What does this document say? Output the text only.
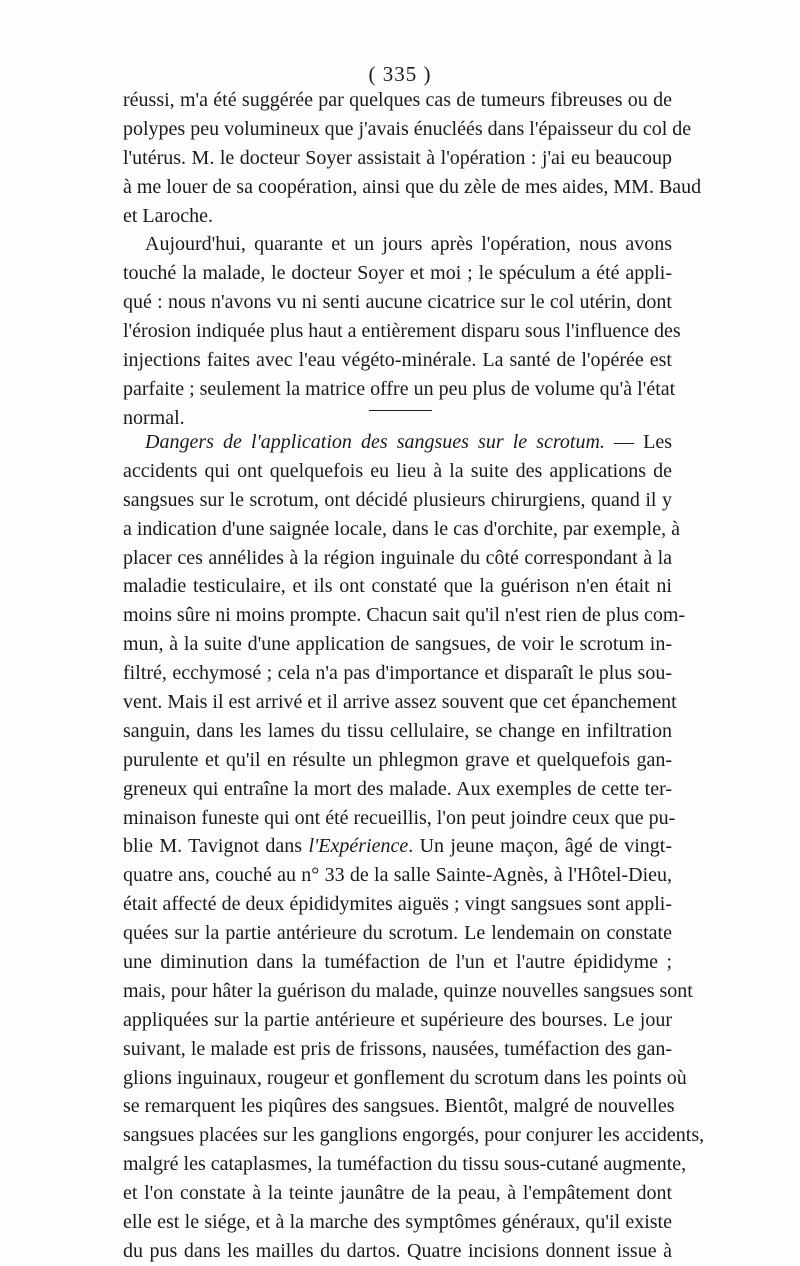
( 335 )
réussi, m'a été suggérée par quelques cas de tumeurs fibreuses ou de
polypes peu volumineux que j'avais énucléés dans l'épaisseur du col de
l'utérus. M. le docteur Soyer assistait à l'opération : j'ai eu beaucoup
à me louer de sa coopération, ainsi que du zèle de mes aides, MM. Baud
et Laroche.
Aujourd'hui, quarante et un jours après l'opération, nous avons
touché la malade, le docteur Soyer et moi ; le spéculum a été appli-
qué : nous n'avons vu ni senti aucune cicatrice sur le col utérin, dont
l'érosion indiquée plus haut a entièrement disparu sous l'influence des
injections faites avec l'eau végéto-minérale. La santé de l'opérée est
parfaite ; seulement la matrice offre un peu plus de volume qu'à l'état
normal.
Dangers de l'application des sangsues sur le scrotum. — Les
accidents qui ont quelquefois eu lieu à la suite des applications de
sangsues sur le scrotum, ont décidé plusieurs chirurgiens, quand il y
a indication d'une saignée locale, dans le cas d'orchite, par exemple, à
placer ces annélides à la région inguinale du côté correspondant à la
maladie testiculaire, et ils ont constaté que la guérison n'en était ni
moins sûre ni moins prompte. Chacun sait qu'il n'est rien de plus com-
mun, à la suite d'une application de sangsues, de voir le scrotum in-
filtré, ecchymosé ; cela n'a pas d'importance et disparaît le plus sou-
vent. Mais il est arrivé et il arrive assez souvent que cet épanchement
sanguin, dans les lames du tissu cellulaire, se change en infiltration
purulente et qu'il en résulte un phlegmon grave et quelquefois gan-
greneux qui entraîne la mort des malade. Aux exemples de cette ter-
minaison funeste qui ont été recueillis, l'on peut joindre ceux que pu-
blie M. Tavignot dans l'Expérience. Un jeune maçon, âgé de vingt-
quatre ans, couché au n° 33 de la salle Sainte-Agnès, à l'Hôtel-Dieu,
était affecté de deux épididymites aiguës ; vingt sangsues sont appli-
quées sur la partie antérieure du scrotum. Le lendemain on constate
une diminution dans la tuméfaction de l'un et l'autre épididyme ;
mais, pour hâter la guérison du malade, quinze nouvelles sangsues sont
appliquées sur la partie antérieure et supérieure des bourses. Le jour
suivant, le malade est pris de frissons, nausées, tuméfaction des gan-
glions inguinaux, rougeur et gonflement du scrotum dans les points où
se remarquent les piqûres des sangsues. Bientôt, malgré de nouvelles
sangsues placées sur les ganglions engorgés, pour conjurer les accidents,
malgré les cataplasmes, la tuméfaction du tissu sous-cutané augmente,
et l'on constate à la teinte jaunâtre de la peau, à l'empâtement dont
elle est le siége, et à la marche des symptômes généraux, qu'il existe
du pus dans les mailles du dartos. Quatre incisions donnent issue à
